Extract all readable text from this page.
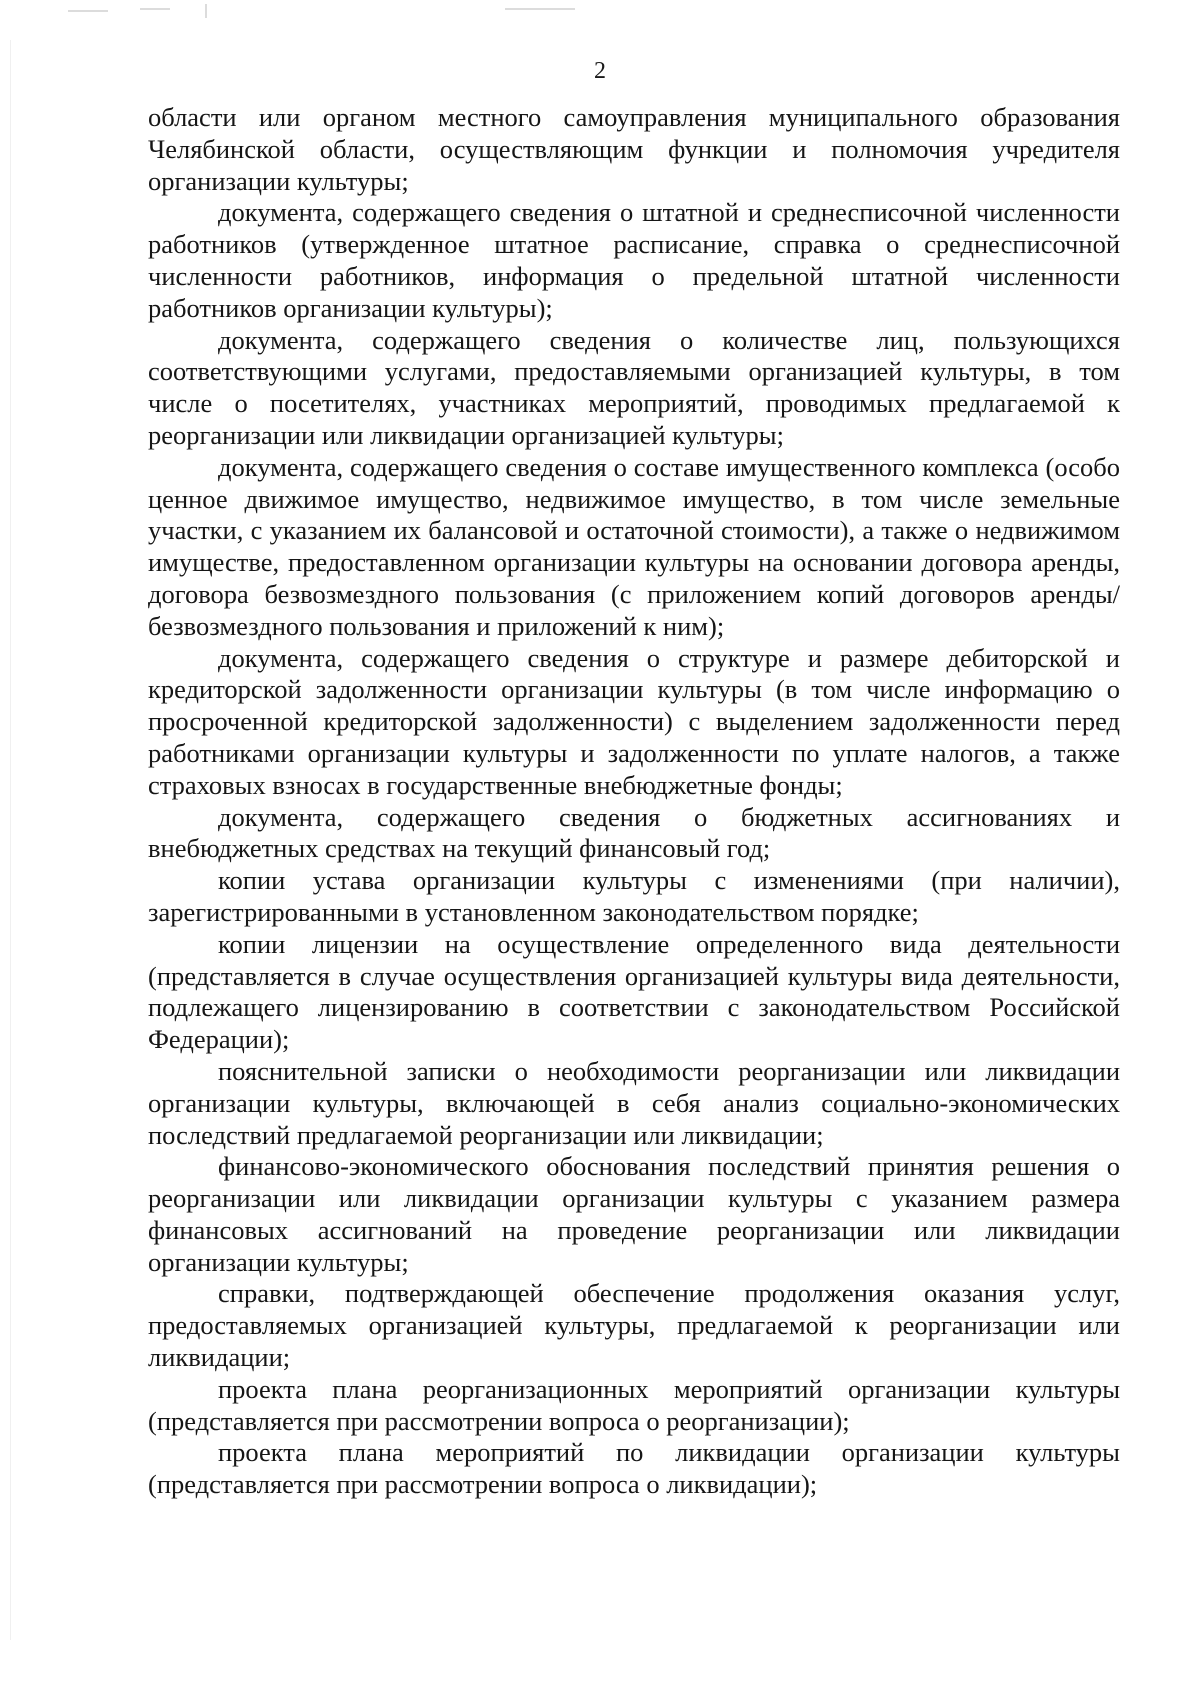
2

области или органом местного самоуправления муниципального образования Челябинской области, осуществляющим функции и полномочия учредителя организации культуры;

документа, содержащего сведения о штатной и среднесписочной численности работников (утвержденное штатное расписание, справка о среднесписочной численности работников, информация о предельной штатной численности работников организации культуры);

документа, содержащего сведения о количестве лиц, пользующихся соответствующими услугами, предоставляемыми организацией культуры, в том числе о посетителях, участниках мероприятий, проводимых предлагаемой к реорганизации или ликвидации организацией культуры;

документа, содержащего сведения о составе имущественного комплекса (особо ценное движимое имущество, недвижимое имущество, в том числе земельные участки, с указанием их балансовой и остаточной стоимости), а также о недвижимом имуществе, предоставленном организации культуры на основании договора аренды, договора безвозмездного пользования (с приложением копий договоров аренды/безвозмездного пользования и приложений к ним);

документа, содержащего сведения о структуре и размере дебиторской и кредиторской задолженности организации культуры (в том числе информацию о просроченной кредиторской задолженности) с выделением задолженности перед работниками организации культуры и задолженности по уплате налогов, а также страховых взносах в государственные внебюджетные фонды;

документа, содержащего сведения о бюджетных ассигнованиях и внебюджетных средствах на текущий финансовый год;

копии устава организации культуры с изменениями (при наличии), зарегистрированными в установленном законодательством порядке;

копии лицензии на осуществление определенного вида деятельности (представляется в случае осуществления организацией культуры вида деятельности, подлежащего лицензированию в соответствии с законодательством Российской Федерации);

пояснительной записки о необходимости реорганизации или ликвидации организации культуры, включающей в себя анализ социально-экономических последствий предлагаемой реорганизации или ликвидации;

финансово-экономического обоснования последствий принятия решения о реорганизации или ликвидации организации культуры с указанием размера финансовых ассигнований на проведение реорганизации или ликвидации организации культуры;

справки, подтверждающей обеспечение продолжения оказания услуг, предоставляемых организацией культуры, предлагаемой к реорганизации или ликвидации;

проекта плана реорганизационных мероприятий организации культуры (представляется при рассмотрении вопроса о реорганизации);

проекта плана мероприятий по ликвидации организации культуры (представляется при рассмотрении вопроса о ликвидации);
